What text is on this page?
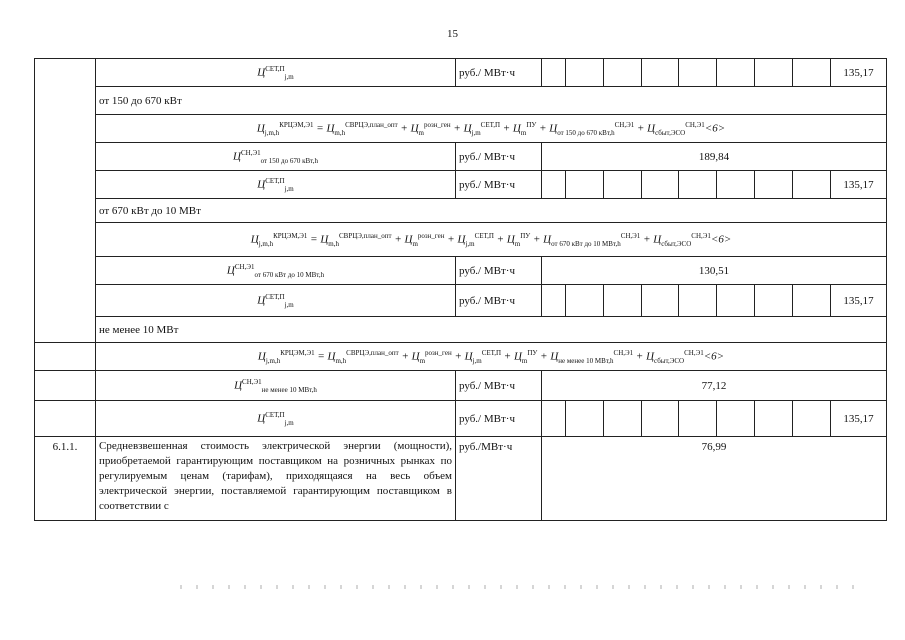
15
	$Ц^{СЕТ,П}_{j,m}$	руб./ МВт·ч									135,17
	от 150 до 670 кВт										
	$Ц_{j,m,h}^{КРЦЭМ,Э1} = Ц_{m,h}^{СВРЦЭ,план\_опт} + Ц_m^{розн\_ген} + Ц_{j,m}^{СЕТ,П} + Ц_m^{ПУ} + Ц_{от 150 до 670 кВт,h}^{СН,Э1} + Ц_{сбыт,ЭСО}^{СН,Э1}<6>$										
	$Ц^{СН,Э1}_{от 150 до 670 кВт,h}$	руб./ МВт·ч	189,84								
	$Ц^{СЕТ,П}_{j,m}$	руб./ МВт·ч									135,17
	от 670 кВт до 10 МВт										
	$Ц_{j,m,h}^{КРЦЭМ,Э1} = Ц_{m,h}^{СВРЦЭ,план\_опт} + Ц_m^{розн\_ген} + Ц_{j,m}^{СЕТ,П} + Ц_m^{ПУ} + Ц_{от 670 кВт до 10 МВт,h}^{СН,Э1} + Ц_{сбыт,ЭСО}^{СН,Э1}<6>$										
	$Ц^{СН,Э1}_{от 670 кВт до 10 МВт,h}$	руб./ МВт·ч	130,51								
	$Ц^{СЕТ,П}_{j,m}$	руб./ МВт·ч									135,17
	не менее 10 МВт										
	$Ц_{j,m,h}^{КРЦЭМ,Э1} = Ц_{m,h}^{СВРЦЭ,план\_опт} + Ц_m^{розн\_ген} + Ц_{j,m}^{СЕТ,П} + Ц_m^{ПУ} + Ц_{не менее 10 МВт,h}^{СН,Э1} + Ц_{сбыт,ЭСО}^{СН,Э1}<6>$										
	$Ц^{СН,Э1}_{не менее 10 МВт,h}$	руб./ МВт·ч	77,12								
	$Ц^{СЕТ,П}_{j,m}$	руб./ МВт·ч									135,17
6.1.1.	Средневзвешенная стоимость электрической энергии (мощности), приобретаемой гарантирующим поставщиком на розничных рынках по регулируемым ценам (тарифам), приходящаяся на весь объем электрической энергии, поставляемой гарантирующим поставщиком в соответствии с	руб./МВт·ч	76,99								
